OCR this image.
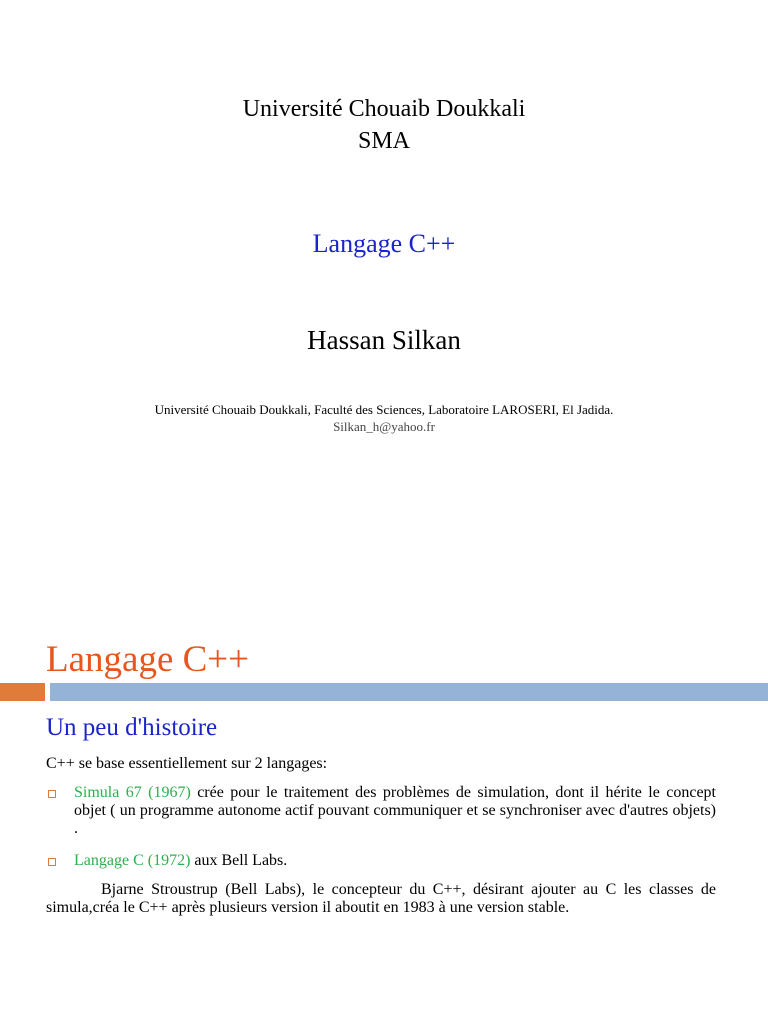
Université Chouaib Doukkali
SMA
Langage C++
Hassan Silkan
Université Chouaib Doukkali, Faculté des Sciences, Laboratoire LAROSERI, El Jadida.
Silkan_h@yahoo.fr
Langage C++
Un peu d'histoire
C++ se base essentiellement sur 2 langages:
Simula 67 (1967) crée pour le traitement des problèmes de simulation, dont il hérite le concept objet ( un programme autonome actif pouvant communiquer et se synchroniser avec d'autres objets) .
Langage C (1972) aux Bell Labs.
Bjarne Stroustrup (Bell Labs), le concepteur du C++, désirant ajouter au C les classes de simula,créa le C++ après plusieurs version il aboutit en 1983 à une version stable.
